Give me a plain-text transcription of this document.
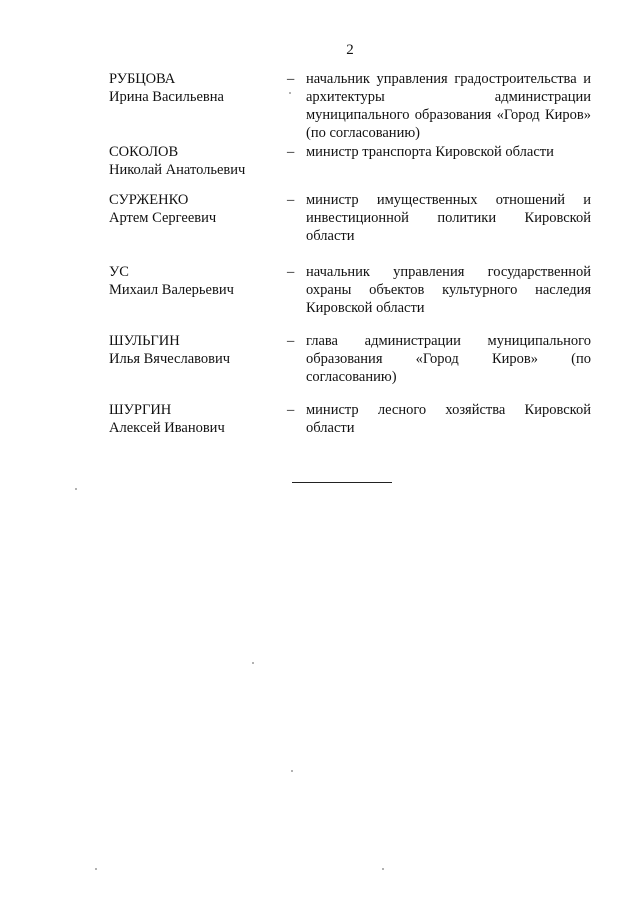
2
РУБЦОВА
Ирина Васильевна
– начальник управления градостроительства и архитектуры администрации муниципального образования «Город Киров» (по согласованию)
СОКОЛОВ
Николай Анатольевич
– министр транспорта Кировской области
СУРЖЕНКО
Артем Сергеевич
– министр имущественных отношений и инвестиционной политики Кировской области
УС
Михаил Валерьевич
– начальник управления государственной охраны объектов культурного наследия Кировской области
ШУЛЬГИН
Илья Вячеславович
– глава администрации муниципального образования «Город Киров» (по согласованию)
ШУРГИН
Алексей Иванович
– министр лесного хозяйства Кировской области
